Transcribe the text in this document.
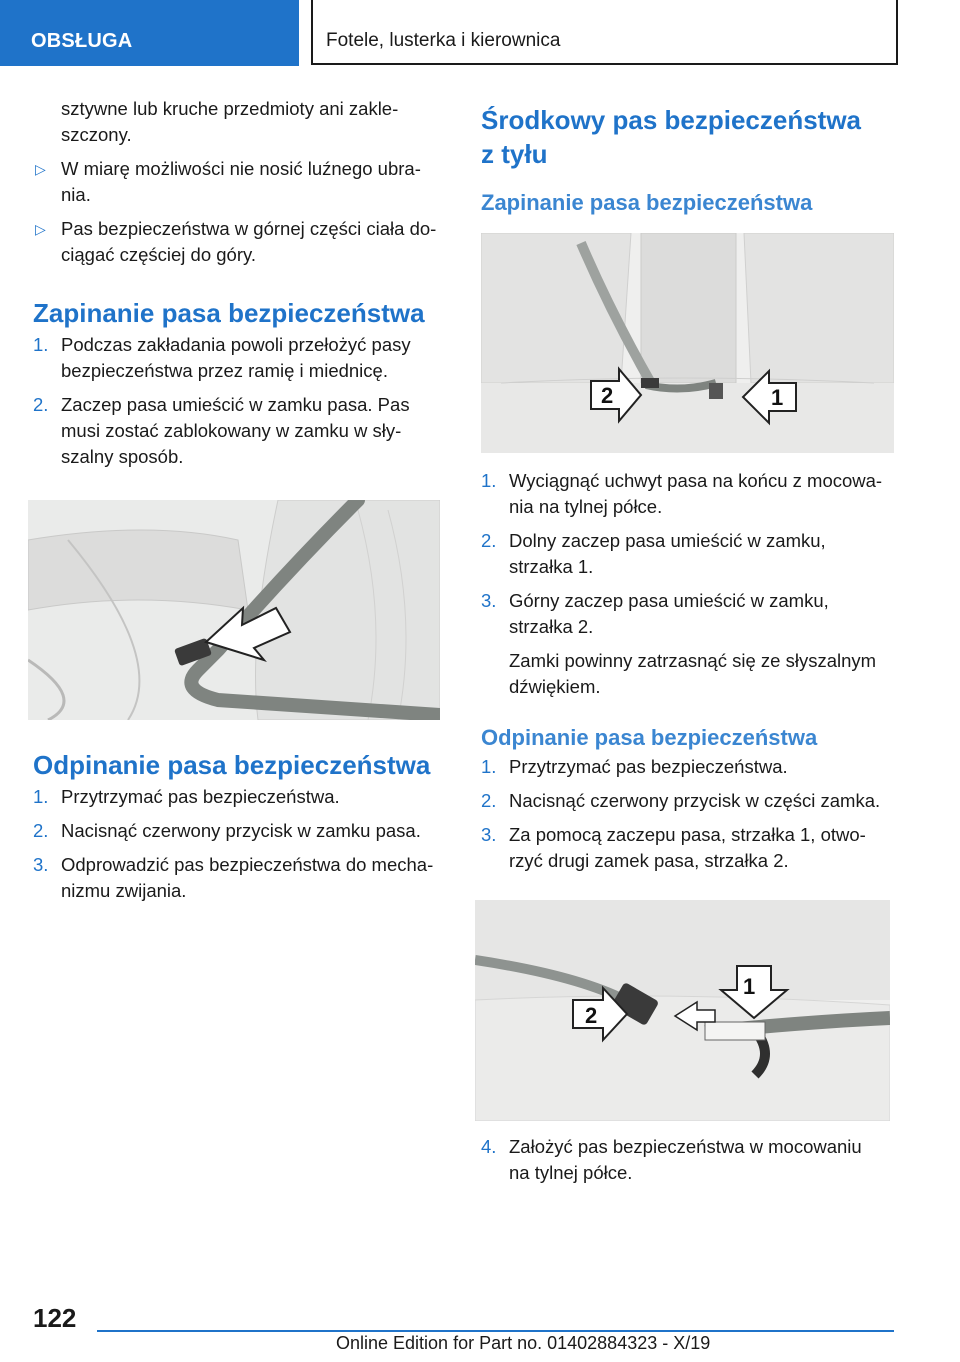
OBSŁUGA	Fotele, lusterka i kierownica

sztywne lub kruche przedmioty ani zakle-szczony.

▷ W miarę możliwości nie nosić luźnego ubra-nia.
▷ Pas bezpieczeństwa w górnej części ciała do-ciągać częściej do góry.
Zapinanie pasa bezpieczeństwa
1. Podczas zakładania powoli przełożyć pasy bezpieczeństwa przez ramię i miednicę.
2. Zaczep pasa umieścić w zamku pasa. Pas musi zostać zablokowany w zamku w sły-szalny sposób.
Odpinanie pasa bezpieczeństwa
1. Przytrzymać pas bezpieczeństwa.
2. Nacisnąć czerwony przycisk w zamku pasa.
3. Odprowadzić pas bezpieczeństwa do mecha-nizmu zwijania.
Środkowy pas bezpieczeństwa z tyłu
Zapinanie pasa bezpieczeństwa
2	1
1. Wyciągnąć uchwyt pasa na końcu z mocowa-nia na tylnej półce.
2. Dolny zaczep pasa umieścić w zamku, strzałka 1.
3. Górny zaczep pasa umieścić w zamku, strzałka 2.

Zamki powinny zatrzasnąć się ze słyszalnym dźwiękiem.

Odpinanie pasa bezpieczeństwa
1. Przytrzymać pas bezpieczeństwa.
2. Nacisnąć czerwony przycisk w części zamka.
3. Za pomocą zaczepu pasa, strzałka 1, otwo-rzyć drugi zamek pasa, strzałka 2.
2
1
4. Założyć pas bezpieczeństwa w mocowaniu na tylnej półce.
122
Online Edition for Part no. 01402884323 - X/19
